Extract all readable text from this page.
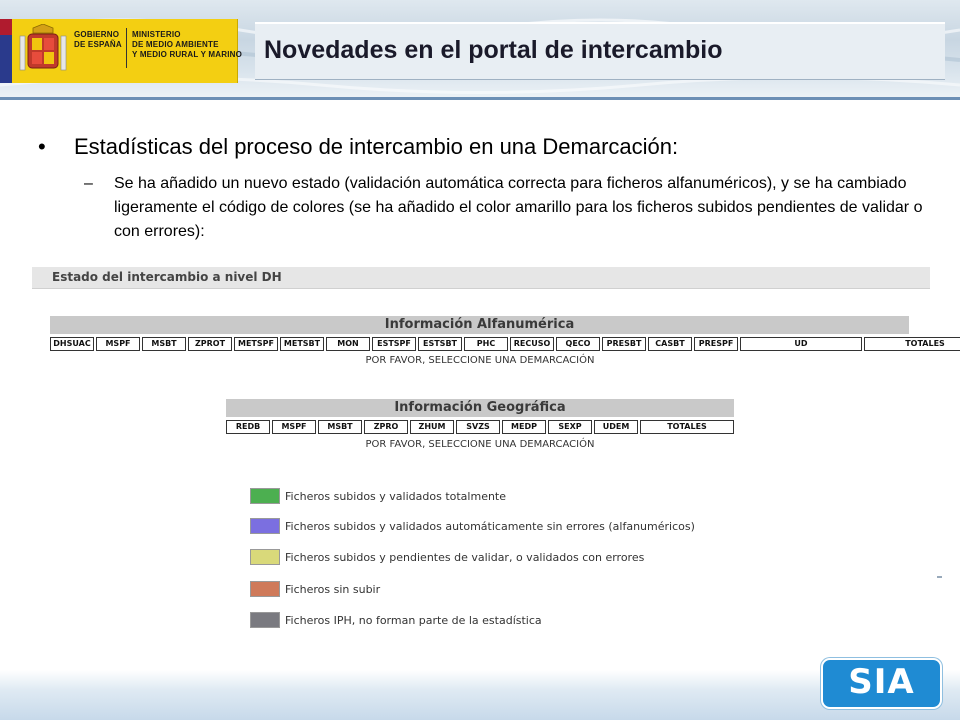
GOBIERNO
DE ESPAÑA
MINISTERIO
DE MEDIO AMBIENTE
Y MEDIO RURAL Y MARINO Novedades en el portal de intercambio
• Estadísticas del proceso de intercambio en una Demarcación:
– Se ha añadido un nuevo estado (validación automática correcta para ficheros alfanuméricos), y se ha cambiado ligeramente el código de colores (se ha añadido el color amarillo para los ficheros subidos pendientes de validar o con errores):
Estado del intercambio a nivel DH
Información Alfanumérica
DHSUAC	MSPF	MSBT	ZPROT	METSPF	METSBT	MON	ESTSPF	ESTSBT	PHC	RECUSO	QECO	PRESBT	CASBT	PRESPF	UD	TOTALES
POR FAVOR, SELECCIONE UNA DEMARCACIÓN
Información Geográfica
REDB	MSPF	MSBT	ZPRO	ZHUM	SVZS	MEDP	SEXP	UDEM	TOTALES
POR FAVOR, SELECCIONE UNA DEMARCACIÓN
Ficheros subidos y validados totalmente
Ficheros subidos y validados automáticamente sin errores (alfanuméricos)
Ficheros subidos y pendientes de validar, o validados con errores
Ficheros sin subir
Ficheros IPH, no forman parte de la estadística
SIA
